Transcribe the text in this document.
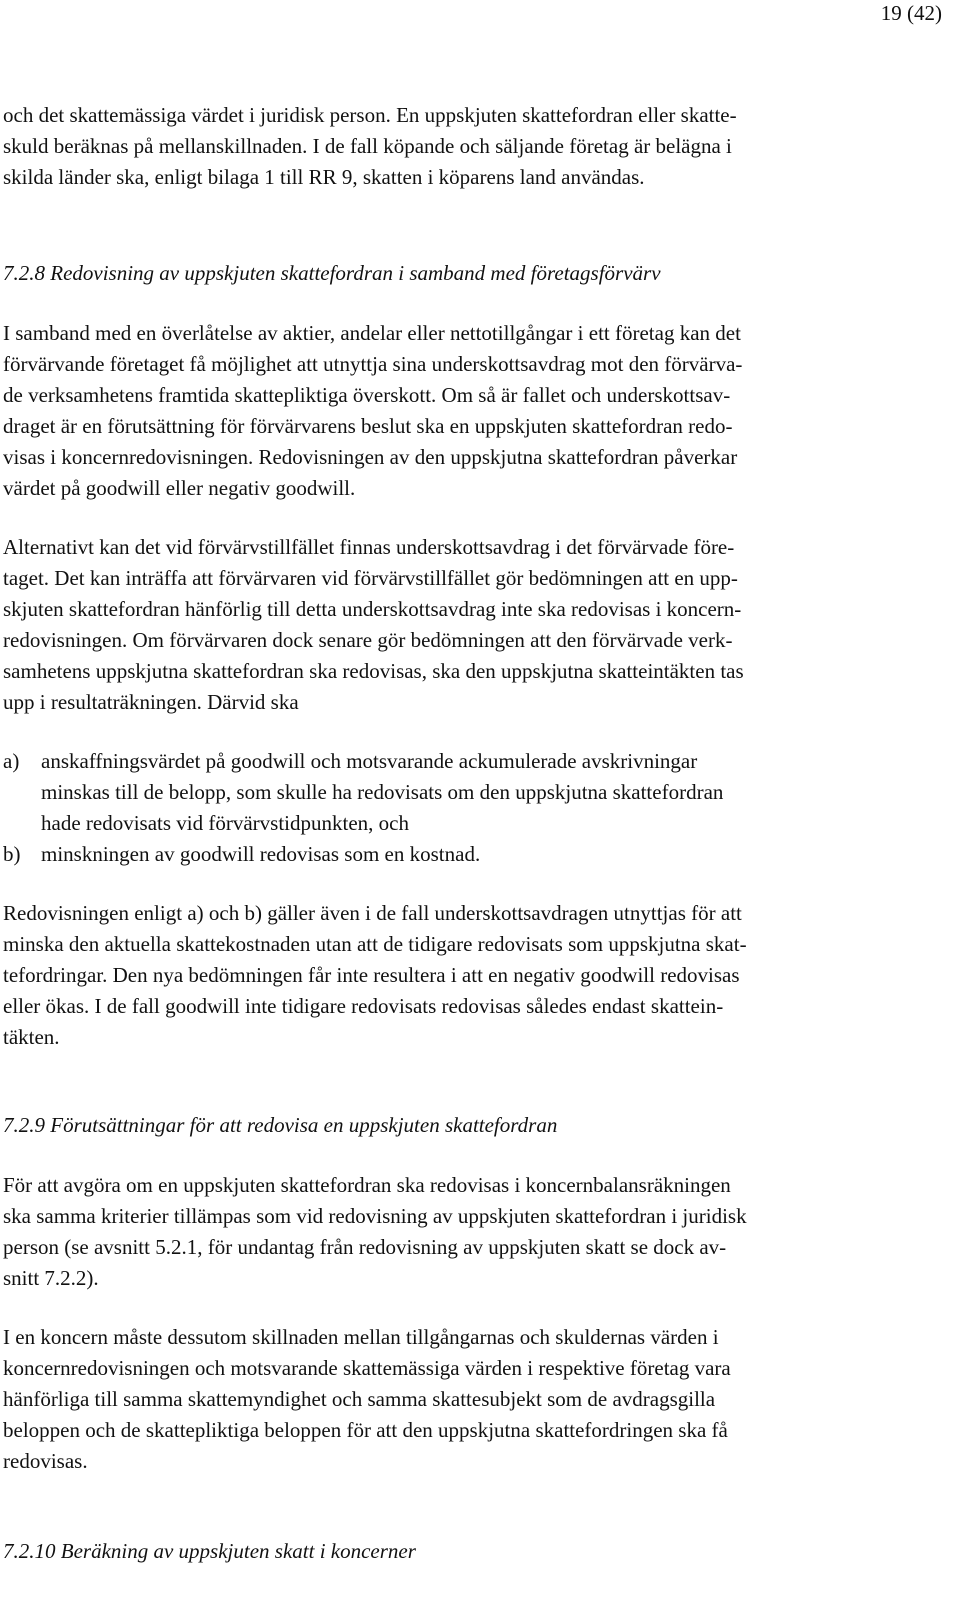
19 (42)

och det skattemässiga värdet i juridisk person. En uppskjuten skattefordran eller skatte-
skuld beräknas på mellanskillnaden. I de fall köpande och säljande företag är belägna i
skilda länder ska, enligt bilaga 1 till RR 9, skatten i köparens land användas.

7.2.8 Redovisning av uppskjuten skattefordran i samband med företagsförvärv

I samband med en överlåtelse av aktier, andelar eller nettotillgångar i ett företag kan det
förvärvande företaget få möjlighet att utnyttja sina underskottsavdrag mot den förvärva-
de verksamhetens framtida skattepliktiga överskott. Om så är fallet och underskottsav-
draget är en förutsättning för förvärvarens beslut ska en uppskjuten skattefordran redo-
visas i koncernredovisningen. Redovisningen av den uppskjutna skattefordran påverkar
värdet på goodwill eller negativ goodwill.

Alternativt kan det vid förvärvstillfället finnas underskottsavdrag i det förvärvade före-
taget. Det kan inträffa att förvärvaren vid förvärvstillfället gör bedömningen att en upp-
skjuten skattefordran hänförlig till detta underskottsavdrag inte ska redovisas i koncern-
redovisningen. Om förvärvaren dock senare gör bedömningen att den förvärvade verk-
samhetens uppskjutna skattefordran ska redovisas, ska den uppskjutna skatteintäkten tas
upp i resultaträkningen. Därvid ska

a) anskaffningsvärdet på goodwill och motsvarande ackumulerade avskrivningar
minskas till de belopp, som skulle ha redovisats om den uppskjutna skattefordran
hade redovisats vid förvärvstidpunkten, och
b) minskningen av goodwill redovisas som en kostnad.

Redovisningen enligt a) och b) gäller även i de fall underskottsavdragen utnyttjas för att
minska den aktuella skattekostnaden utan att de tidigare redovisats som uppskjutna skat-
tefordringar. Den nya bedömningen får inte resultera i att en negativ goodwill redovisas
eller ökas. I de fall goodwill inte tidigare redovisats redovisas således endast skattein-
täkten.

7.2.9 Förutsättningar för att redovisa en uppskjuten skattefordran

För att avgöra om en uppskjuten skattefordran ska redovisas i koncernbalansräkningen
ska samma kriterier tillämpas som vid redovisning av uppskjuten skattefordran i juridisk
person (se avsnitt 5.2.1, för undantag från redovisning av uppskjuten skatt se dock av-
snitt 7.2.2).

I en koncern måste dessutom skillnaden mellan tillgångarnas och skuldernas värden i
koncernredovisningen och motsvarande skattemässiga värden i respektive företag vara
hänförliga till samma skattemyndighet och samma skattesubjekt som de avdragsgilla
beloppen och de skattepliktiga beloppen för att den uppskjutna skattefordringen ska få
redovisas.

7.2.10 Beräkning av uppskjuten skatt i koncerner
